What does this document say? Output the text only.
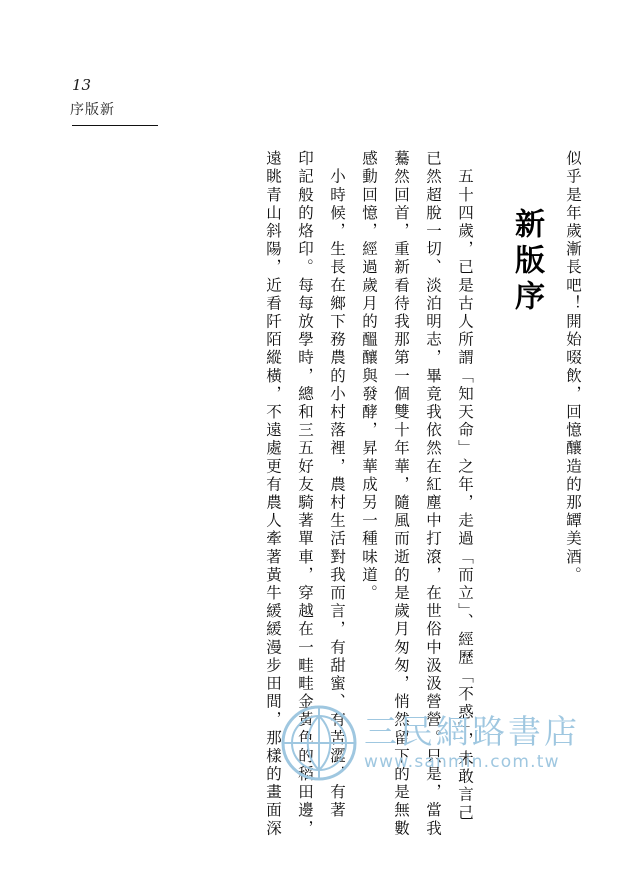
13
序版新
似乎是年歲漸長吧！開始啜飲，回憶釀造的那罈美酒。
新版序
　五十四歲，已是古人所謂「知天命」之年，走過「而立」、經歷「不惑」，未敢言己
已然超脫一切、淡泊明志，畢竟我依然在紅塵中打滾，在世俗中汲汲營營。只是，當我
驀然回首，重新看待我那第一個雙十年華，隨風而逝的是歲月匆匆，悄然留下的是無數
感動回憶，經過歲月的醞釀與發酵，昇華成另一種味道。
　小時候，生長在鄉下務農的小村落裡，農村生活對我而言，有甜蜜、有苦澀，有著
印記般的烙印。每每放學時，總和三五好友騎著單車，穿越在一畦畦金黃色的稻田邊，
遠眺青山斜陽，近看阡陌縱橫，不遠處更有農人牽著黃牛緩緩漫步田間，那樣的畫面深 三民網路書店
www.sanmin.com.tw
